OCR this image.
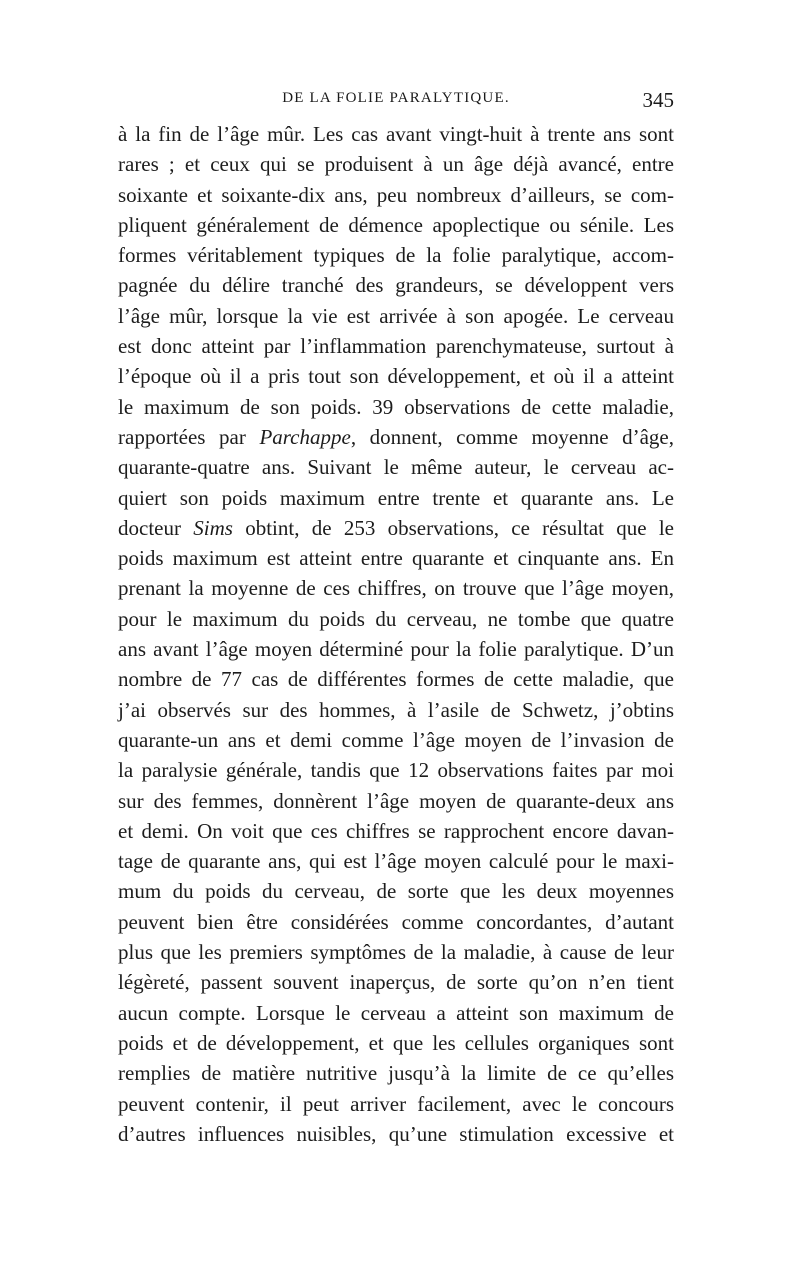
DE LA FOLIE PARALYTIQUE.	345
à la fin de l’âge mûr. Les cas avant vingt-huit à trente ans sont
rares ; et ceux qui se produisent à un âge déjà avancé, entre
soixante et soixante-dix ans, peu nombreux d’ailleurs, se com-
pliquent généralement de démence apoplectique ou sénile. Les
formes véritablement typiques de la folie paralytique, accom-
pagnée du délire tranché des grandeurs, se développent vers
l’âge mûr, lorsque la vie est arrivée à son apogée. Le cerveau
est donc atteint par l’inflammation parenchymateuse, surtout à
l’époque où il a pris tout son développement, et où il a atteint
le maximum de son poids. 39 observations de cette maladie,
rapportées par Parchappe, donnent, comme moyenne d’âge,
quarante-quatre ans. Suivant le même auteur, le cerveau ac-
quiert son poids maximum entre trente et quarante ans. Le
docteur Sims obtint, de 253 observations, ce résultat que le
poids maximum est atteint entre quarante et cinquante ans. En
prenant la moyenne de ces chiffres, on trouve que l’âge moyen,
pour le maximum du poids du cerveau, ne tombe que quatre
ans avant l’âge moyen déterminé pour la folie paralytique. D’un
nombre de 77 cas de différentes formes de cette maladie, que
j’ai observés sur des hommes, à l’asile de Schwetz, j’obtins
quarante-un ans et demi comme l’âge moyen de l’invasion de
la paralysie générale, tandis que 12 observations faites par moi
sur des femmes, donnèrent l’âge moyen de quarante-deux ans
et demi. On voit que ces chiffres se rapprochent encore davan-
tage de quarante ans, qui est l’âge moyen calculé pour le maxi-
mum du poids du cerveau, de sorte que les deux moyennes
peuvent bien être considérées comme concordantes, d’autant
plus que les premiers symptômes de la maladie, à cause de leur
légèreté, passent souvent inaperçus, de sorte qu’on n’en tient
aucun compte. Lorsque le cerveau a atteint son maximum de
poids et de développement, et que les cellules organiques sont
remplies de matière nutritive jusqu’à la limite de ce qu’elles
peuvent contenir, il peut arriver facilement, avec le concours
d’autres influences nuisibles, qu’une stimulation excessive et
